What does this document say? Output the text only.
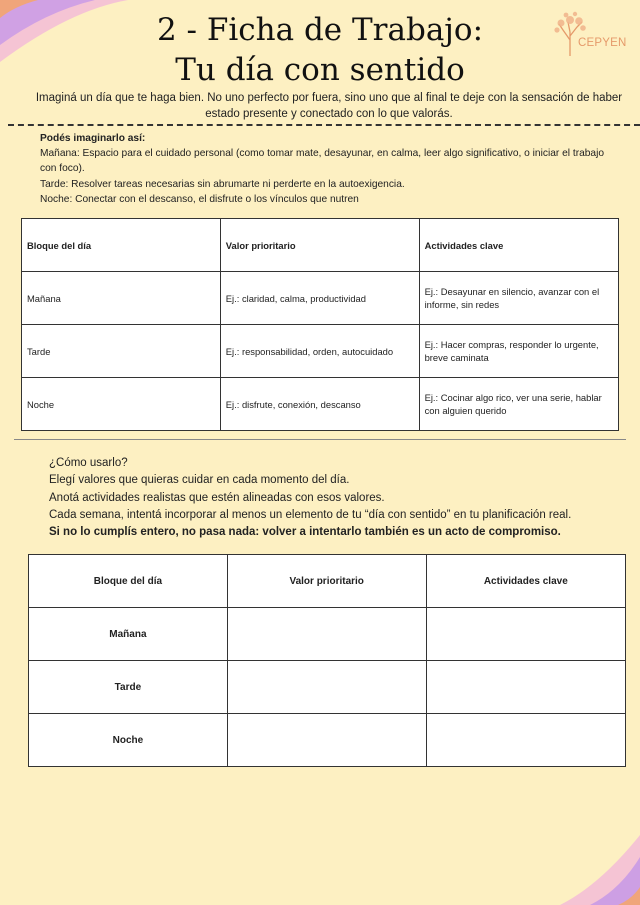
2 - Ficha de Trabajo:
Tu día con sentido
CEPYEN
Imaginá un día que te haga bien. No uno perfecto por fuera, sino uno que al final te deje con la sensación de haber
estado presente y conectado con lo que valorás.
Podés imaginarlo así:
Mañana: Espacio para el cuidado personal (como tomar mate, desayunar, en calma, leer algo significativo, o iniciar el trabajo con foco).
Tarde: Resolver tareas necesarias sin abrumarte ni perderte en la autoexigencia.
Noche: Conectar con el descanso, el disfrute o los vínculos que nutren
Bloque del día	Valor prioritario	Actividades clave
Mañana	Ej.: claridad, calma, productividad	Ej.: Desayunar en silencio, avanzar con el informe, sin redes
Tarde	Ej.: responsabilidad, orden, autocuidado	Ej.: Hacer compras, responder lo urgente, breve caminata
Noche	Ej.: disfrute, conexión, descanso	Ej.: Cocinar algo rico, ver una serie, hablar con alguien querido
¿Cómo usarlo?
Elegí valores que quieras cuidar en cada momento del día.
Anotá actividades realistas que estén alineadas con esos valores.
Cada semana, intentá incorporar al menos un elemento de tu “día con sentido” en tu planificación real.
Si no lo cumplís entero, no pasa nada: volver a intentarlo también es un acto de compromiso.
Bloque del día	Valor prioritario	Actividades clave
Mañana		
Tarde		
Noche		
